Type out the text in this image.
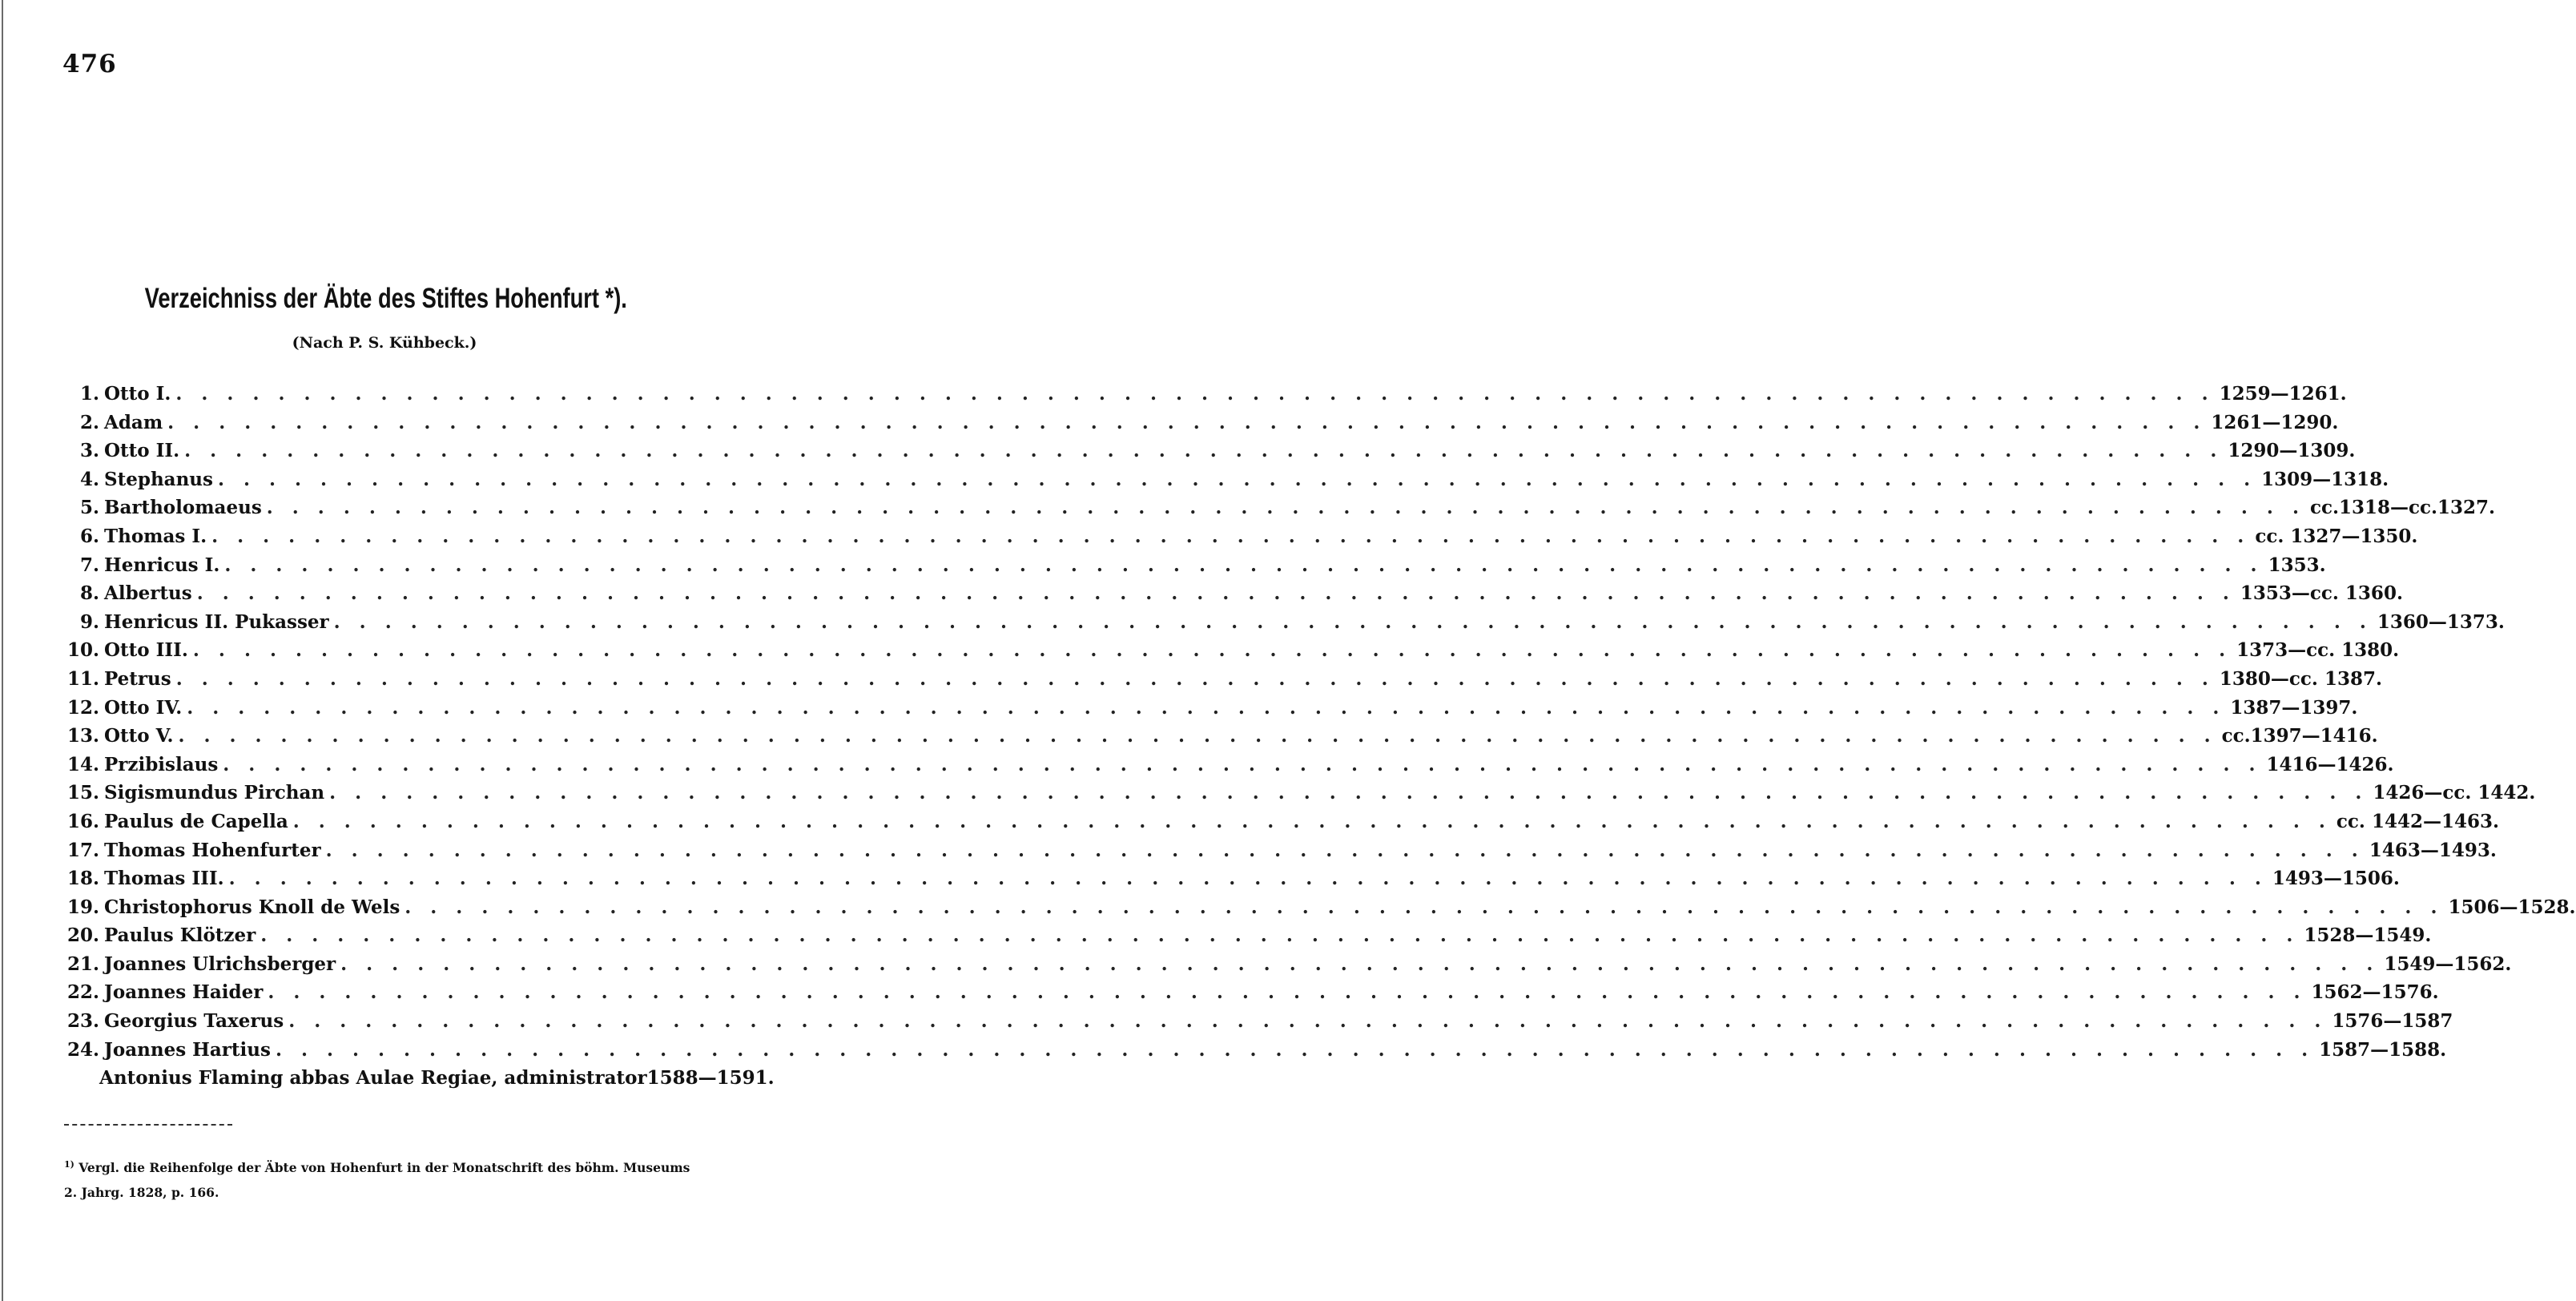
476
Verzeichniss der Äbte des Stiftes Hohenfurt *).
(Nach P. S. Kühbeck.)
1. Otto I. . . . . . . . . . . . . . . . . . . . . . . . . . . . . . . . . . . . . . . . . . . . . . . . . . . . . . . . . . . . . . . . . . . . . . . . . . . . . . . . . 1259—1261.
2. Adam . . . . . . . . . . . . . . . . . . . . . . . . . . . . . . . . . . . . . . . . . . . . . . . . . . . . . . . . . . . . . . . . . . . . . . . . . . . . . . . . 1261—1290.
3. Otto II. . . . . . . . . . . . . . . . . . . . . . . . . . . . . . . . . . . . . . . . . . . . . . . . . . . . . . . . . . . . . . . . . . . . . . . . . . . . . . . . . 1290—1309.
4. Stephanus . . . . . . . . . . . . . . . . . . . . . . . . . . . . . . . . . . . . . . . . . . . . . . . . . . . . . . . . . . . . . . . . . . . . . . . . . . . . . . . . 1309—1318.
5. Bartholomaeus . . . . . . . . . . . . . . . . . . . . . . . . . . . . . . . . . . . . . . . . . . . . . . . . . . . . . . . . . . . . . . . . . . . . . . . . . . . . . . . . cc.1318—cc.1327.
6. Thomas I. . . . . . . . . . . . . . . . . . . . . . . . . . . . . . . . . . . . . . . . . . . . . . . . . . . . . . . . . . . . . . . . . . . . . . . . . . . . . . . . . cc. 1327—1350.
7. Henricus I. . . . . . . . . . . . . . . . . . . . . . . . . . . . . . . . . . . . . . . . . . . . . . . . . . . . . . . . . . . . . . . . . . . . . . . . . . . . . . . . . 1353.
8. Albertus . . . . . . . . . . . . . . . . . . . . . . . . . . . . . . . . . . . . . . . . . . . . . . . . . . . . . . . . . . . . . . . . . . . . . . . . . . . . . . . . 1353—cc. 1360.
9. Henricus II. Pukasser . . . . . . . . . . . . . . . . . . . . . . . . . . . . . . . . . . . . . . . . . . . . . . . . . . . . . . . . . . . . . . . . . . . . . . . . . . . . . . . . 1360—1373.
10. Otto III. . . . . . . . . . . . . . . . . . . . . . . . . . . . . . . . . . . . . . . . . . . . . . . . . . . . . . . . . . . . . . . . . . . . . . . . . . . . . . . . . 1373—cc. 1380.
11. Petrus . . . . . . . . . . . . . . . . . . . . . . . . . . . . . . . . . . . . . . . . . . . . . . . . . . . . . . . . . . . . . . . . . . . . . . . . . . . . . . . . 1380—cc. 1387.
12. Otto IV. . . . . . . . . . . . . . . . . . . . . . . . . . . . . . . . . . . . . . . . . . . . . . . . . . . . . . . . . . . . . . . . . . . . . . . . . . . . . . . . . 1387—1397.
13. Otto V. . . . . . . . . . . . . . . . . . . . . . . . . . . . . . . . . . . . . . . . . . . . . . . . . . . . . . . . . . . . . . . . . . . . . . . . . . . . . . . . . cc.1397—1416.
14. Przibislaus . . . . . . . . . . . . . . . . . . . . . . . . . . . . . . . . . . . . . . . . . . . . . . . . . . . . . . . . . . . . . . . . . . . . . . . . . . . . . . . . 1416—1426.
15. Sigismundus Pirchan . . . . . . . . . . . . . . . . . . . . . . . . . . . . . . . . . . . . . . . . . . . . . . . . . . . . . . . . . . . . . . . . . . . . . . . . . . . . . . . . 1426—cc. 1442.
16. Paulus de Capella . . . . . . . . . . . . . . . . . . . . . . . . . . . . . . . . . . . . . . . . . . . . . . . . . . . . . . . . . . . . . . . . . . . . . . . . . . . . . . . . cc. 1442—1463.
17. Thomas Hohenfurter . . . . . . . . . . . . . . . . . . . . . . . . . . . . . . . . . . . . . . . . . . . . . . . . . . . . . . . . . . . . . . . . . . . . . . . . . . . . . . . . 1463—1493.
18. Thomas III. . . . . . . . . . . . . . . . . . . . . . . . . . . . . . . . . . . . . . . . . . . . . . . . . . . . . . . . . . . . . . . . . . . . . . . . . . . . . . . . . 1493—1506.
19. Christophorus Knoll de Wels . . . . . . . . . . . . . . . . . . . . . . . . . . . . . . . . . . . . . . . . . . . . . . . . . . . . . . . . . . . . . . . . . . . . . . . . . . . . . . . . 1506—1528.
20. Paulus Klötzer . . . . . . . . . . . . . . . . . . . . . . . . . . . . . . . . . . . . . . . . . . . . . . . . . . . . . . . . . . . . . . . . . . . . . . . . . . . . . . . . 1528—1549.
21. Joannes Ulrichsberger . . . . . . . . . . . . . . . . . . . . . . . . . . . . . . . . . . . . . . . . . . . . . . . . . . . . . . . . . . . . . . . . . . . . . . . . . . . . . . . . 1549—1562.
22. Joannes Haider . . . . . . . . . . . . . . . . . . . . . . . . . . . . . . . . . . . . . . . . . . . . . . . . . . . . . . . . . . . . . . . . . . . . . . . . . . . . . . . . 1562—1576.
23. Georgius Taxerus . . . . . . . . . . . . . . . . . . . . . . . . . . . . . . . . . . . . . . . . . . . . . . . . . . . . . . . . . . . . . . . . . . . . . . . . . . . . . . . . 1576—1587
24. Joannes Hartius . . . . . . . . . . . . . . . . . . . . . . . . . . . . . . . . . . . . . . . . . . . . . . . . . . . . . . . . . . . . . . . . . . . . . . . . . . . . . . . . 1587—1588.
Antonius Flaming abbas Aulae Regiae, administrator 1588—1591.
$^{1)}$ Vergl. die Reihenfolge der Äbte von Hohenfurt in der Monatschrift des böhm. Museums 2. Jahrg. 1828, p. 166.
